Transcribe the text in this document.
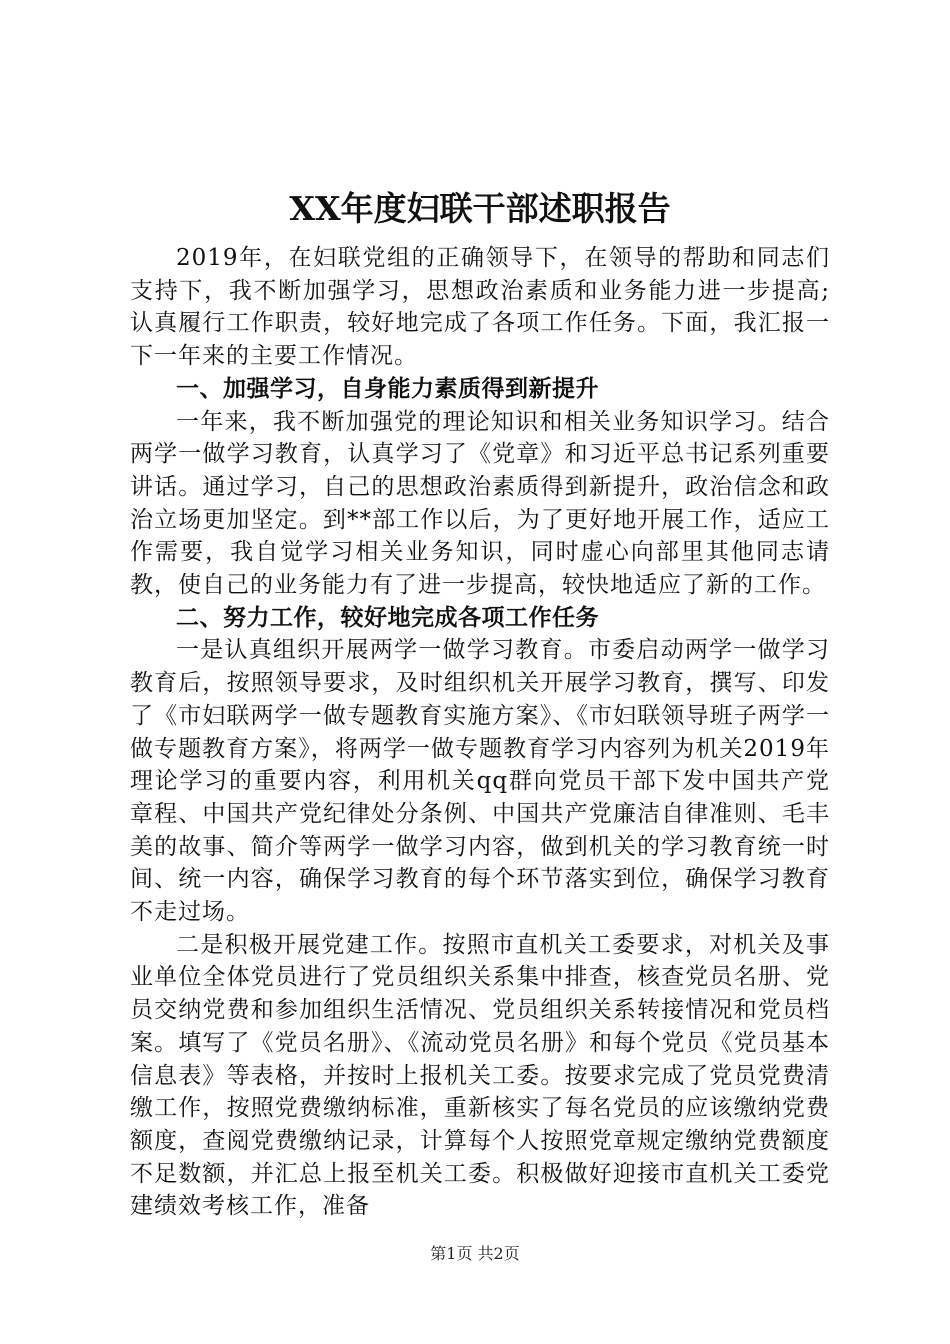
XX年度妇联干部述职报告

2019年，在妇联党组的正确领导下，在领导的帮助和同志们支持下，我不断加强学习，思想政治素质和业务能力进一步提高;认真履行工作职责，较好地完成了各项工作任务。下面，我汇报一下一年来的主要工作情况。

一、加强学习，自身能力素质得到新提升

一年来，我不断加强党的理论知识和相关业务知识学习。结合两学一做学习教育，认真学习了《党章》和习近平总书记系列重要讲话。通过学习，自己的思想政治素质得到新提升，政治信念和政治立场更加坚定。到**部工作以后，为了更好地开展工作，适应工作需要，我自觉学习相关业务知识，同时虚心向部里其他同志请教，使自己的业务能力有了进一步提高，较快地适应了新的工作。

二、努力工作，较好地完成各项工作任务

一是认真组织开展两学一做学习教育。市委启动两学一做学习教育后，按照领导要求，及时组织机关开展学习教育，撰写、印发了《市妇联两学一做专题教育实施方案》、《市妇联领导班子两学一做专题教育方案》，将两学一做专题教育学习内容列为机关2019年理论学习的重要内容，利用机关qq群向党员干部下发中国共产党章程、中国共产党纪律处分条例、中国共产党廉洁自律准则、毛丰美的故事、简介等两学一做学习内容，做到机关的学习教育统一时间、统一内容，确保学习教育的每个环节落实到位，确保学习教育不走过场。

二是积极开展党建工作。按照市直机关工委要求，对机关及事业单位全体党员进行了党员组织关系集中排查，核查党员名册、党员交纳党费和参加组织生活情况、党员组织关系转接情况和党员档案。填写了《党员名册》、《流动党员名册》和每个党员《党员基本信息表》等表格，并按时上报机关工委。按要求完成了党员党费清缴工作，按照党费缴纳标准，重新核实了每名党员的应该缴纳党费额度，查阅党费缴纳记录，计算每个人按照党章规定缴纳党费额度不足数额，并汇总上报至机关工委。积极做好迎接市直机关工委党建绩效考核工作，准备

第1页 共2页
